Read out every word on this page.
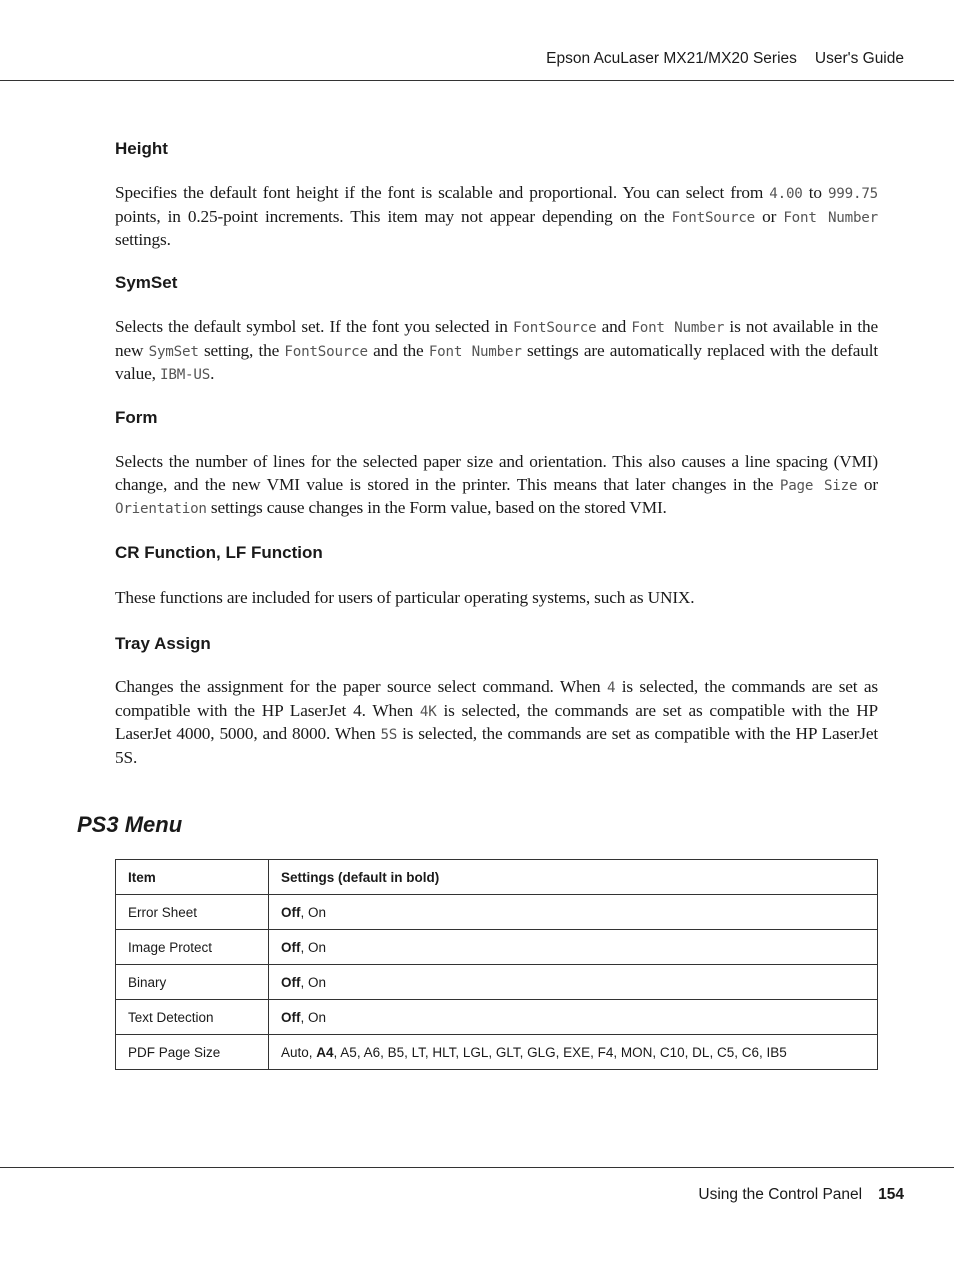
Epson AcuLaser MX21/MX20 Series User's Guide
Height

Specifies the default font height if the font is scalable and proportional. You can select from 4.00 to 999.75 points, in 0.25-point increments. This item may not appear depending on the FontSource or Font Number settings.

SymSet

Selects the default symbol set. If the font you selected in FontSource and Font Number is not available in the new SymSet setting, the FontSource and the Font Number settings are automatically replaced with the default value, IBM-US.

Form

Selects the number of lines for the selected paper size and orientation. This also causes a line spacing (VMI) change, and the new VMI value is stored in the printer. This means that later changes in the Page Size or Orientation settings cause changes in the Form value, based on the stored VMI.

CR Function, LF Function

These functions are included for users of particular operating systems, such as UNIX.

Tray Assign

Changes the assignment for the paper source select command. When 4 is selected, the commands are set as compatible with the HP LaserJet 4. When 4K is selected, the commands are set as compatible with the HP LaserJet 4000, 5000, and 8000. When 5S is selected, the commands are set as compatible with the HP LaserJet 5S.

PS3 Menu
Item	Settings (default in bold)
Error Sheet	Off, On
Image Protect	Off, On
Binary	Off, On
Text Detection	Off, On
PDF Page Size	Auto, A4, A5, A6, B5, LT, HLT, LGL, GLT, GLG, EXE, F4, MON, C10, DL, C5, C6, IB5
Using the Control Panel 154
